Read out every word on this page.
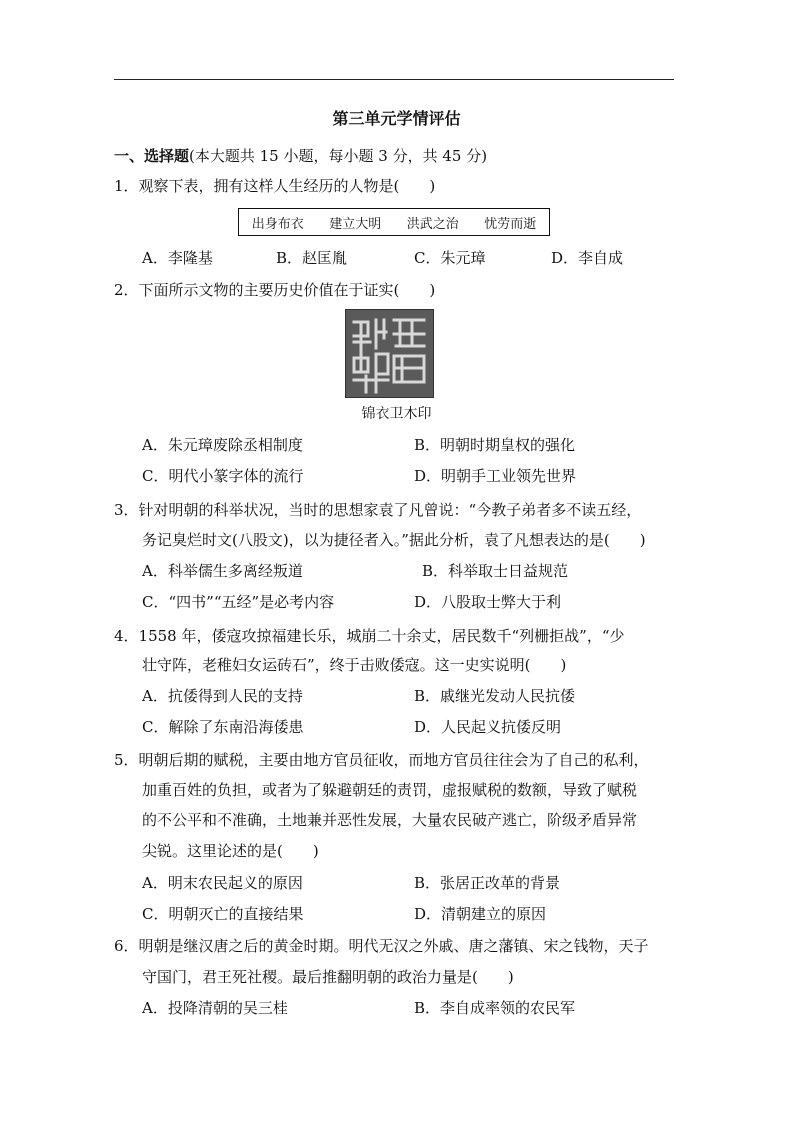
第三单元学情评估
一、选择题(本大题共 15 小题，每小题 3 分，共 45 分)
1．观察下表，拥有这样人生经历的人物是(　　)
出身布衣 建立大明 洪武之治 忧劳而逝
A．李隆基	B．赵匡胤	C．朱元璋	D．李自成
2．下面所示文物的主要历史价值在于证实(　　)
锦衣卫木印
A．朱元璋废除丞相制度	B．明朝时期皇权的强化
C．明代小篆字体的流行	D．明朝手工业领先世界
3．针对明朝的科举状况，当时的思想家袁了凡曾说：“今教子弟者多不读五经，
务记臭烂时文(八股文)，以为捷径者入。”据此分析，袁了凡想表达的是(　　)
A．科举儒生多离经叛道	B．科举取士日益规范
C．“四书”“五经”是必考内容	D．八股取士弊大于利
4．1558 年，倭寇攻掠福建长乐，城崩二十余丈，居民数千“列栅拒战”，“少
壮守阵，老稚妇女运砖石”，终于击败倭寇。这一史实说明(　　)
A．抗倭得到人民的支持	B．戚继光发动人民抗倭
C．解除了东南沿海倭患	D．人民起义抗倭反明
5．明朝后期的赋税，主要由地方官员征收，而地方官员往往会为了自己的私利，
加重百姓的负担，或者为了躲避朝廷的责罚，虚报赋税的数额，导致了赋税
的不公平和不准确，土地兼并恶性发展，大量农民破产逃亡，阶级矛盾异常
尖锐。这里论述的是(　　)
A．明末农民起义的原因	B．张居正改革的背景
C．明朝灭亡的直接结果	D．清朝建立的原因
6．明朝是继汉唐之后的黄金时期。明代无汉之外戚、唐之藩镇、宋之钱物，天子
守国门，君王死社稷。最后推翻明朝的政治力量是(　　)
A．投降清朝的吴三桂	B．李自成率领的农民军
